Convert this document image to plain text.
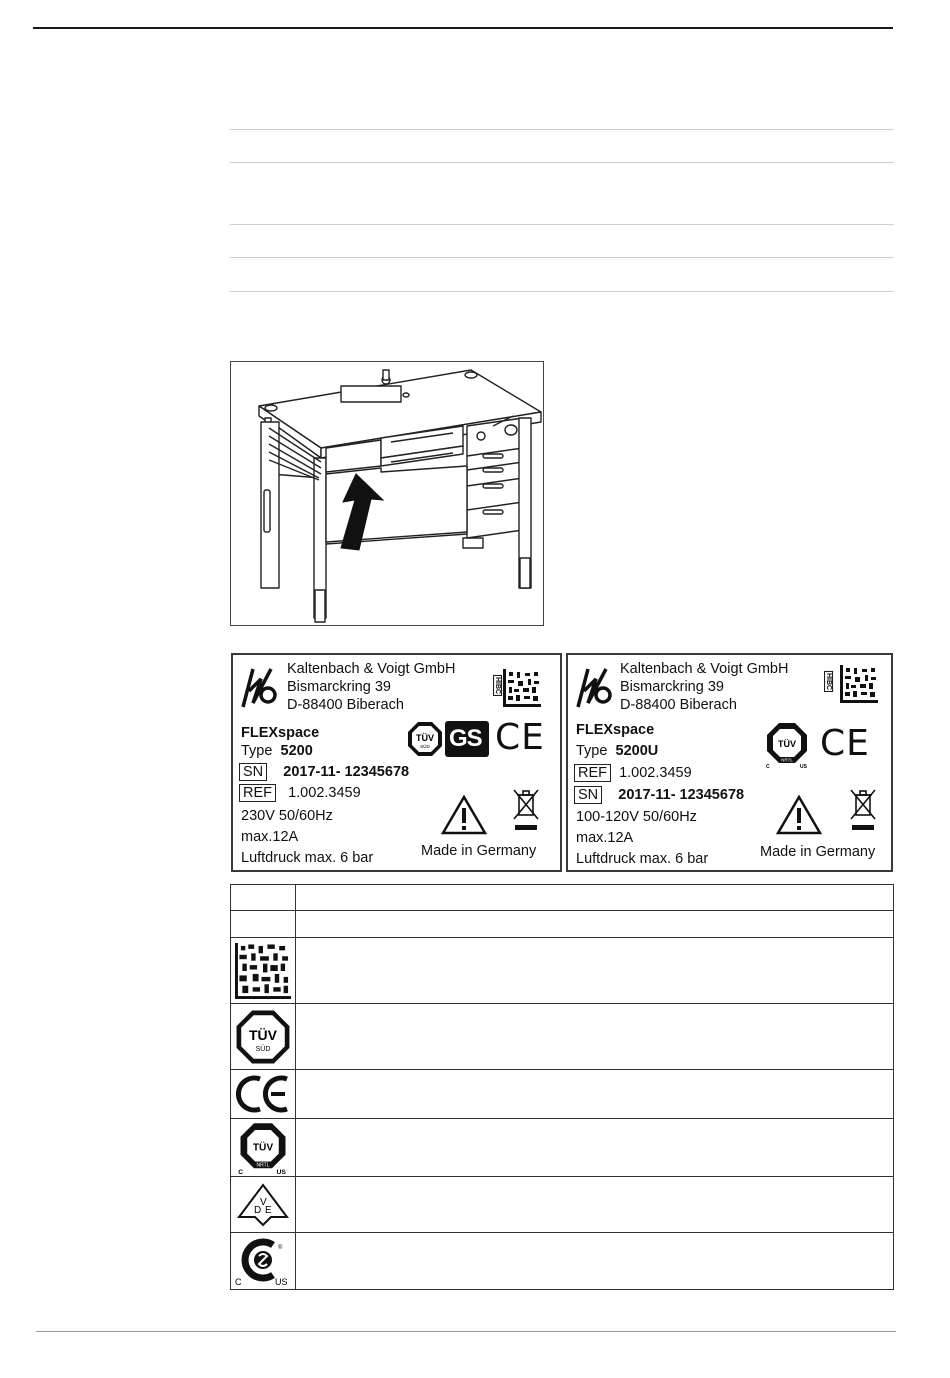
Kaltenbach & Voigt GmbH
Bismarckring 39
D-88400 Biberach
HIBC
FLEXspace
Type 5200
SN 2017-11- 12345678
REF 1.002.3459
230V 50/60Hz
max.12A
Luftdruck max. 6 bar
TÜV
SÜD GS CE
Made in Germany
Kaltenbach & Voigt GmbH
Bismarckring 39
D-88400 Biberach
HIBC
FLEXspace
Type 5200U
REF 1.002.3459
SN 2017-11- 12345678
100-120V 50/60Hz
max.12A
Luftdruck max. 6 bar
TÜV
NRTL
C	US
CE
Made in Germany

TÜV
SÜD	

TÜV
NRTL
C US	

D
V
E	

®
C US	
